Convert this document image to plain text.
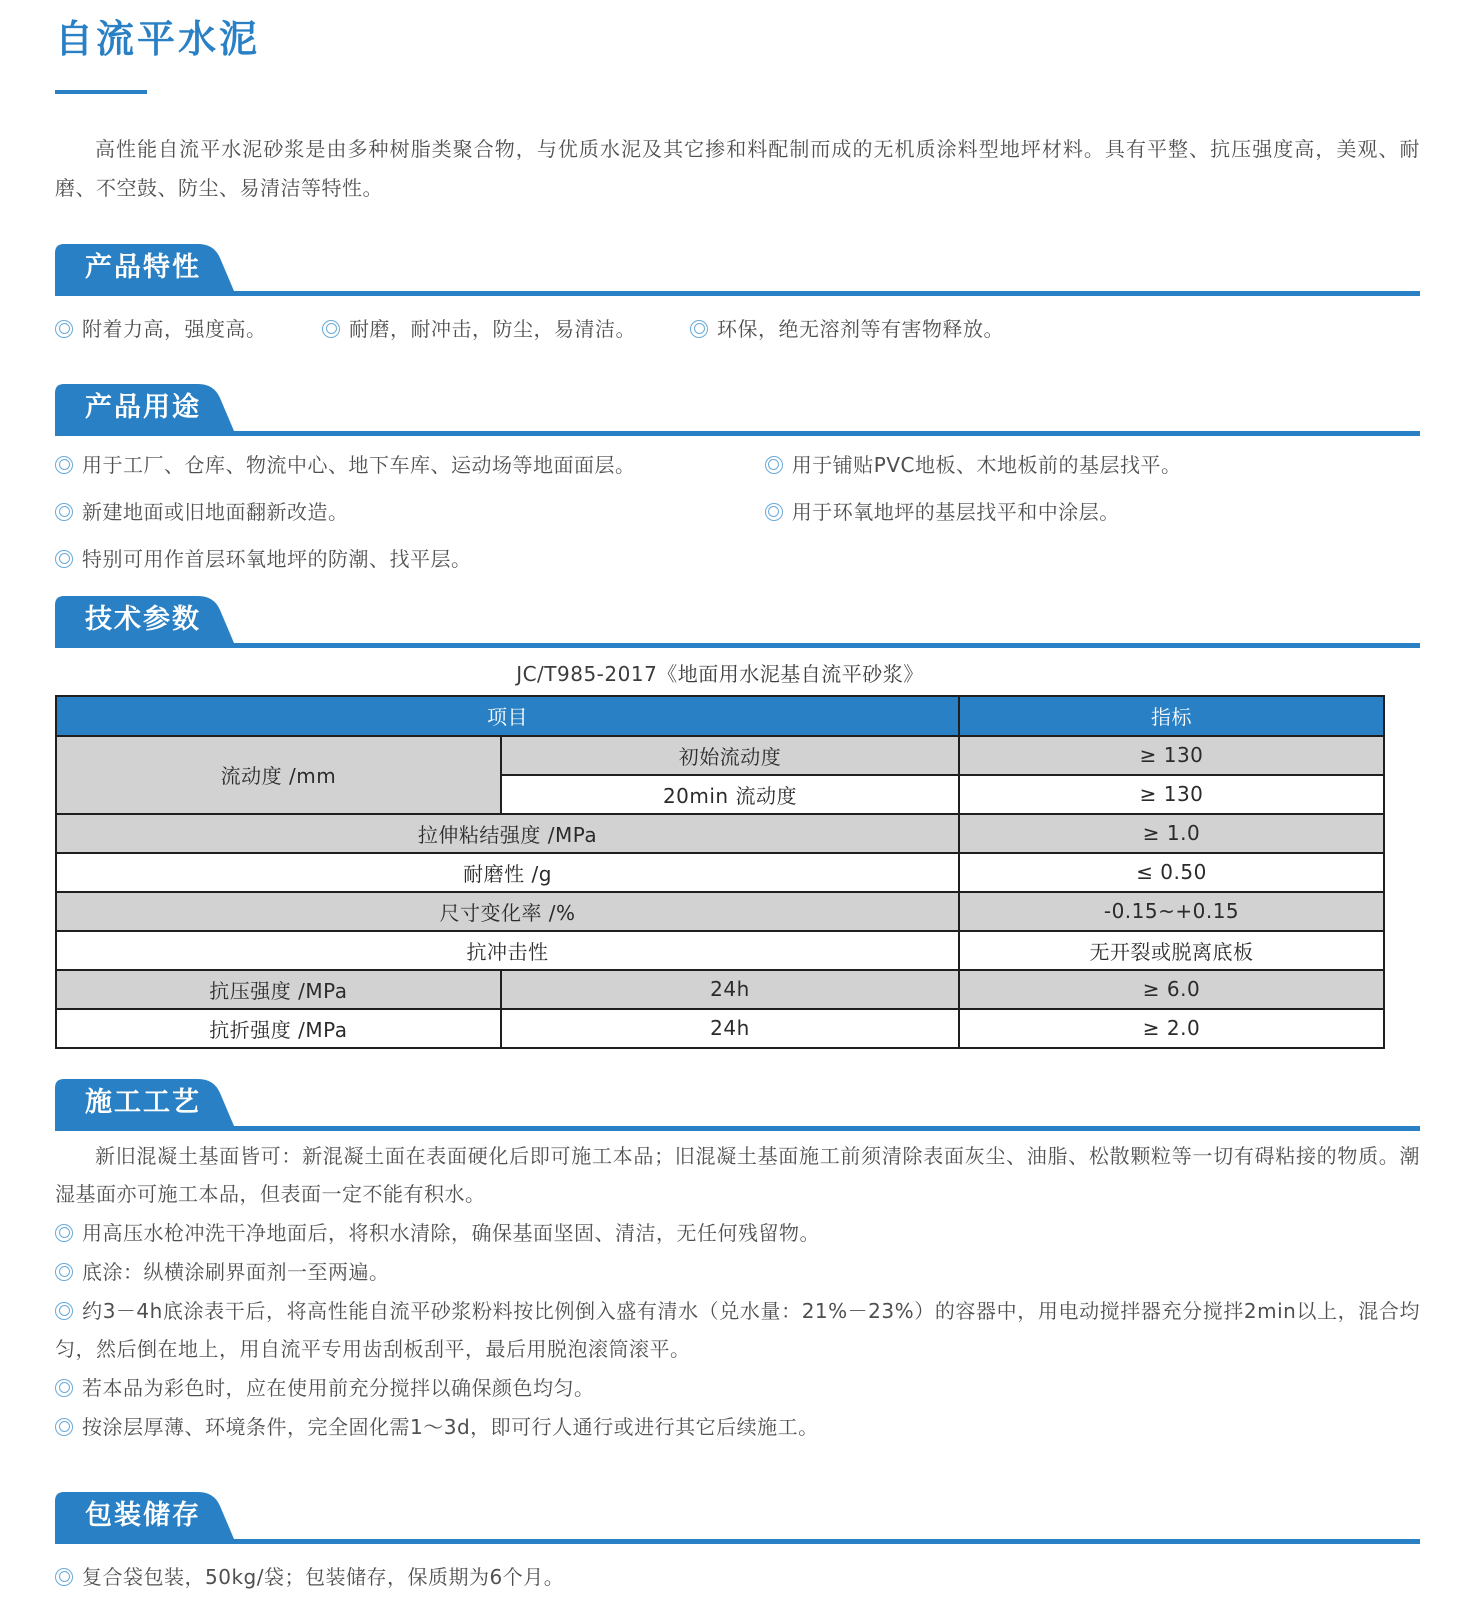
自流平水泥

高性能自流平水泥砂浆是由多种树脂类聚合物，与优质水泥及其它掺和料配制而成的无机质涂料型地坪材料。具有平整、抗压强度高，美观、耐磨、不空鼓、防尘、易清洁等特性。

产品特性

附着力高，强度高。	耐磨，耐冲击，防尘，易清洁。	环保，绝无溶剂等有害物释放。

产品用途

用于工厂、仓库、物流中心、地下车库、运动场等地面面层。	用于铺贴PVC地板、木地板前的基层找平。

新建地面或旧地面翻新改造。	用于环氧地坪的基层找平和中涂层。

特别可用作首层环氧地坪的防潮、找平层。

技术参数
JC/T985-2017《地面用水泥基自流平砂浆》
项目		指标
流动度 /mm	初始流动度	≥ 130
	20min 流动度	≥ 130
拉伸粘结强度 /MPa		≥ 1.0
耐磨性 /g		≤ 0.50
尺寸变化率 /%		-0.15~+0.15
抗冲击性		无开裂或脱离底板
抗压强度 /MPa	24h	≥ 6.0
抗折强度 /MPa	24h	≥ 2.0
施工工艺

新旧混凝土基面皆可：新混凝土面在表面硬化后即可施工本品；旧混凝土基面施工前须清除表面灰尘、油脂、松散颗粒等一切有碍粘接的物质。潮湿基面亦可施工本品，但表面一定不能有积水。

用高压水枪冲洗干净地面后，将积水清除，确保基面坚固、清洁，无任何残留物。

底涂：纵横涂刷界面剂一至两遍。

约3－4h底涂表干后，将高性能自流平砂浆粉料按比例倒入盛有清水（兑水量：21%－23%）的容器中，用电动搅拌器充分搅拌2min以上，混合均匀，然后倒在地上，用自流平专用齿刮板刮平，最后用脱泡滚筒滚平。

若本品为彩色时，应在使用前充分搅拌以确保颜色均匀。

按涂层厚薄、环境条件，完全固化需1～3d，即可行人通行或进行其它后续施工。

包装储存

复合袋包装，50kg/袋；包装储存，保质期为6个月。
